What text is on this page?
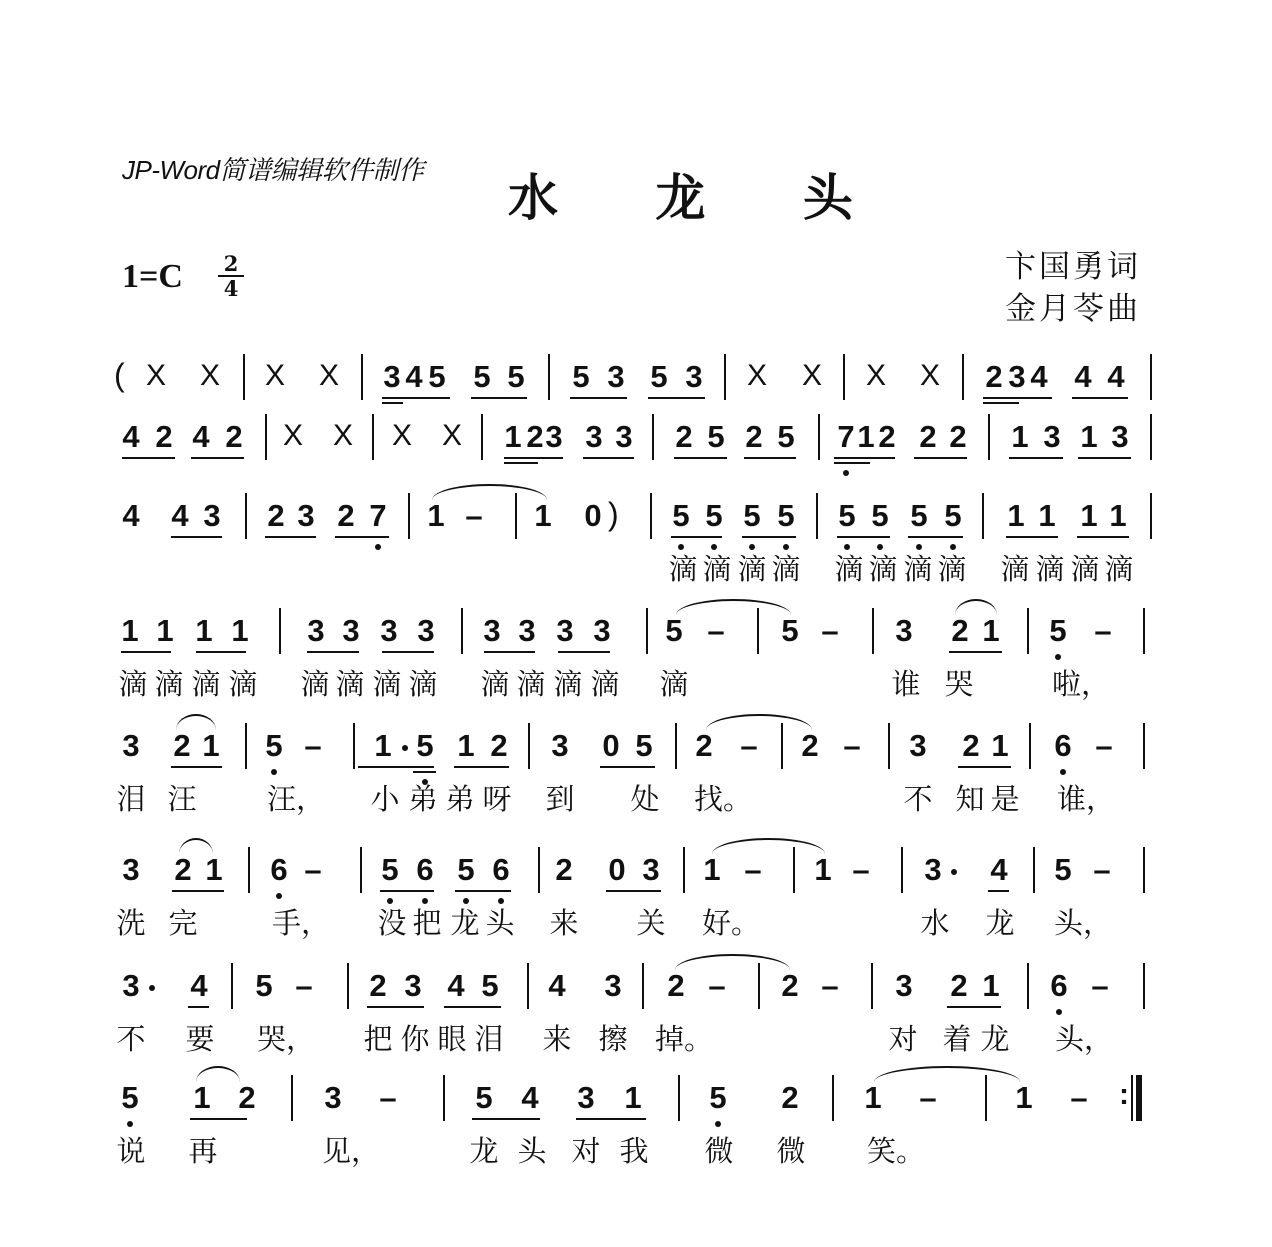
JP-Word简谱编辑软件制作 水 龙 头
1=C 2
4
卞国勇词
金月苓曲
( X X X X 3 4 5 5 5 5 3 5 3 X X X X 2 3 4 4 4
4 2 4 2 X X X X 1 2 3 3 3 2 5 2 5 7 1 2 2 2 1 3 1 3
)
4 4 3 2 3 2 7 1	1 0 5 5 5 5 5 5 5 5 1 1 1 1
–
滴 滴 滴 滴 滴 滴 滴 滴 滴 滴 滴 滴
1 1 1 1 3 3 3 3 3 3 3 3 5	5	3 2 1 5
–	–	–
滴 滴 滴 滴 滴 滴 滴 滴 滴 滴 滴 滴 滴	谁 哭	啦，
3 2 1 5	1 5 1 2 3 0 5 2	2	3 2 1 6
–	–	–	–
泪 汪 汪， 小 弟 弟 呀 到 处 找。	不 知 是 谁，
3 2 1 6	5 6 5 6 2 0 3 1	1	3 4 5
–	–	–	–
洗 完	手， 没 把 龙 头 来 关 好。	水 龙 头，
3 4 5	2 3 4 5 4 3 2	2	3 2 1 6
–	–	–	–
不 要 哭， 把 你 眼 泪 来 擦 掉。	对 着 龙 头，
5 1 2 3	5 4 3 1 5 2 1	1
–	–	–
说 再	见，	龙 头 对 我 微 微 笑。
:
